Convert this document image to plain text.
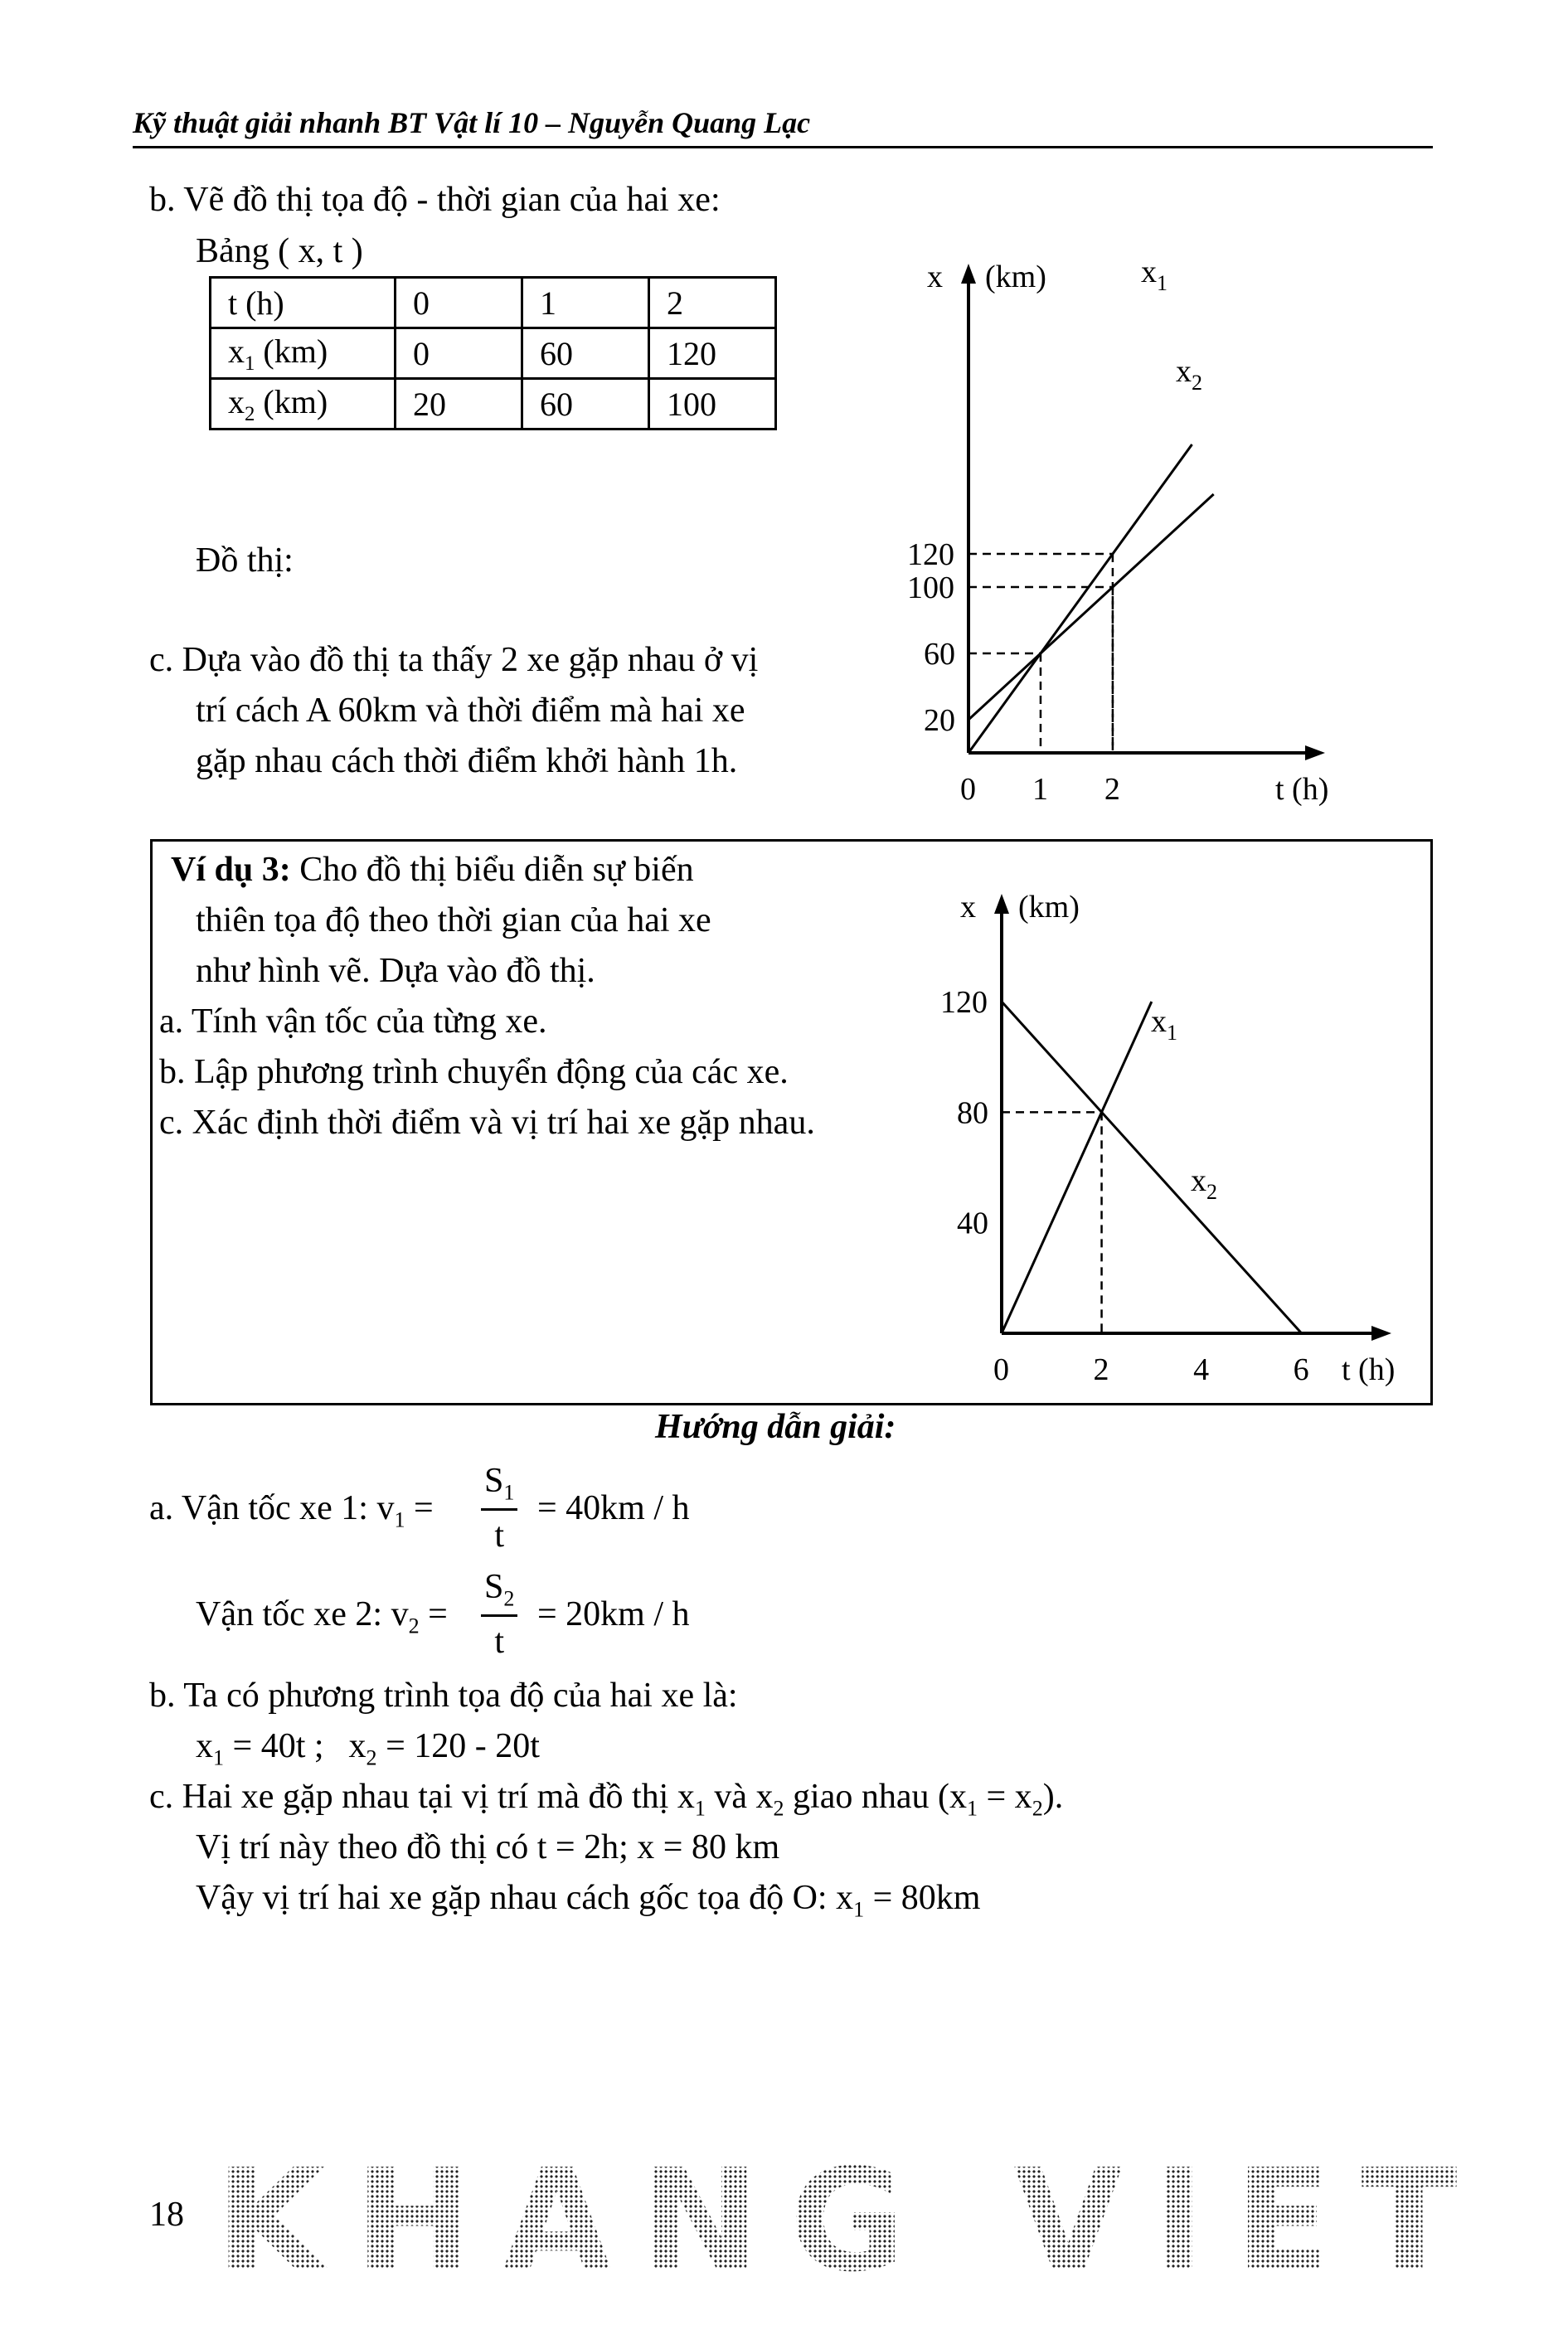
Kỹ thuật giải nhanh BT Vật lí 10 – Nguyễn Quang Lạc
b. Vẽ đồ thị tọa độ - thời gian của hai xe:
Bảng ( x, t )
t (h)	0	1	2
$x_1$ (km)	0	60	120
$x_2$ (km)	20	60	100
Đồ thị:
c. Dựa vào đồ thị ta thấy 2 xe gặp nhau ở vị
trí cách A 60km và thời điểm mà hai xe
gặp nhau cách thời điểm khởi hành 1h.
x (km)
t (h)
0 1 2
20
60
100
120
$x_1$
$x_2$
Ví dụ 3: Cho đồ thị biểu diễn sự biến
thiên tọa độ theo thời gian của hai xe
như hình vẽ. Dựa vào đồ thị.
a. Tính vận tốc của từng xe.
b. Lập phương trình chuyển động của các xe.
c. Xác định thời điểm và vị trí hai xe gặp nhau.
x (km)
t (h)
0	2	4	6
40
80
120
$x_1$
$x_2$
Hướng dẫn giải:
a. Vận tốc xe 1: $v_1 = \frac{S_1}{t} = 40km / h$
Vận tốc xe 2: $v_2 = \frac{S_2}{t} = 20km / h$
b. Ta có phương trình tọa độ của hai xe là:
$x_1 = 40t$ ; $x_2 = 120 - 20t$
c. Hai xe gặp nhau tại vị trí mà đồ thị $x_1$ và $x_2$ giao nhau $(x_1 = x_2)$.
Vị trí này theo đồ thị có t = 2h; x = 80 km
Vậy vị trí hai xe gặp nhau cách gốc tọa độ O: $x_1 = 80km$
18 KHANG VIET
